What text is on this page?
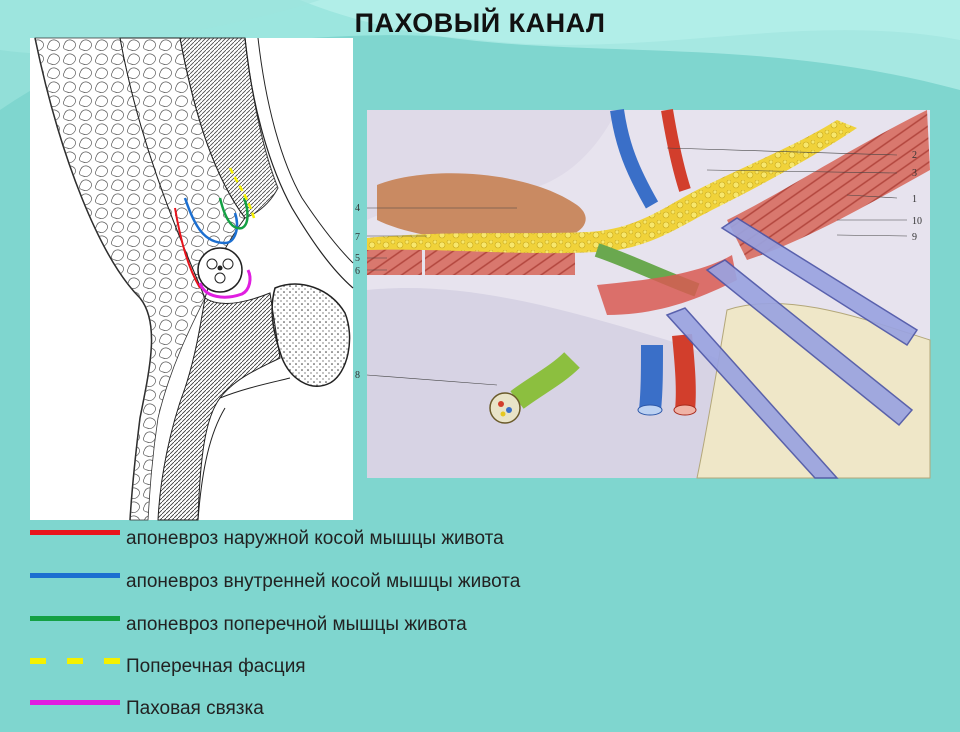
ПАХОВЫЙ КАНАЛ
2
3
1
10
9
4
7
5
6
8
апоневроз наружной косой мышцы живота
апоневроз внутренней косой мышцы живота
апоневроз поперечной мышцы живота
Поперечная фасция
Паховая связка
